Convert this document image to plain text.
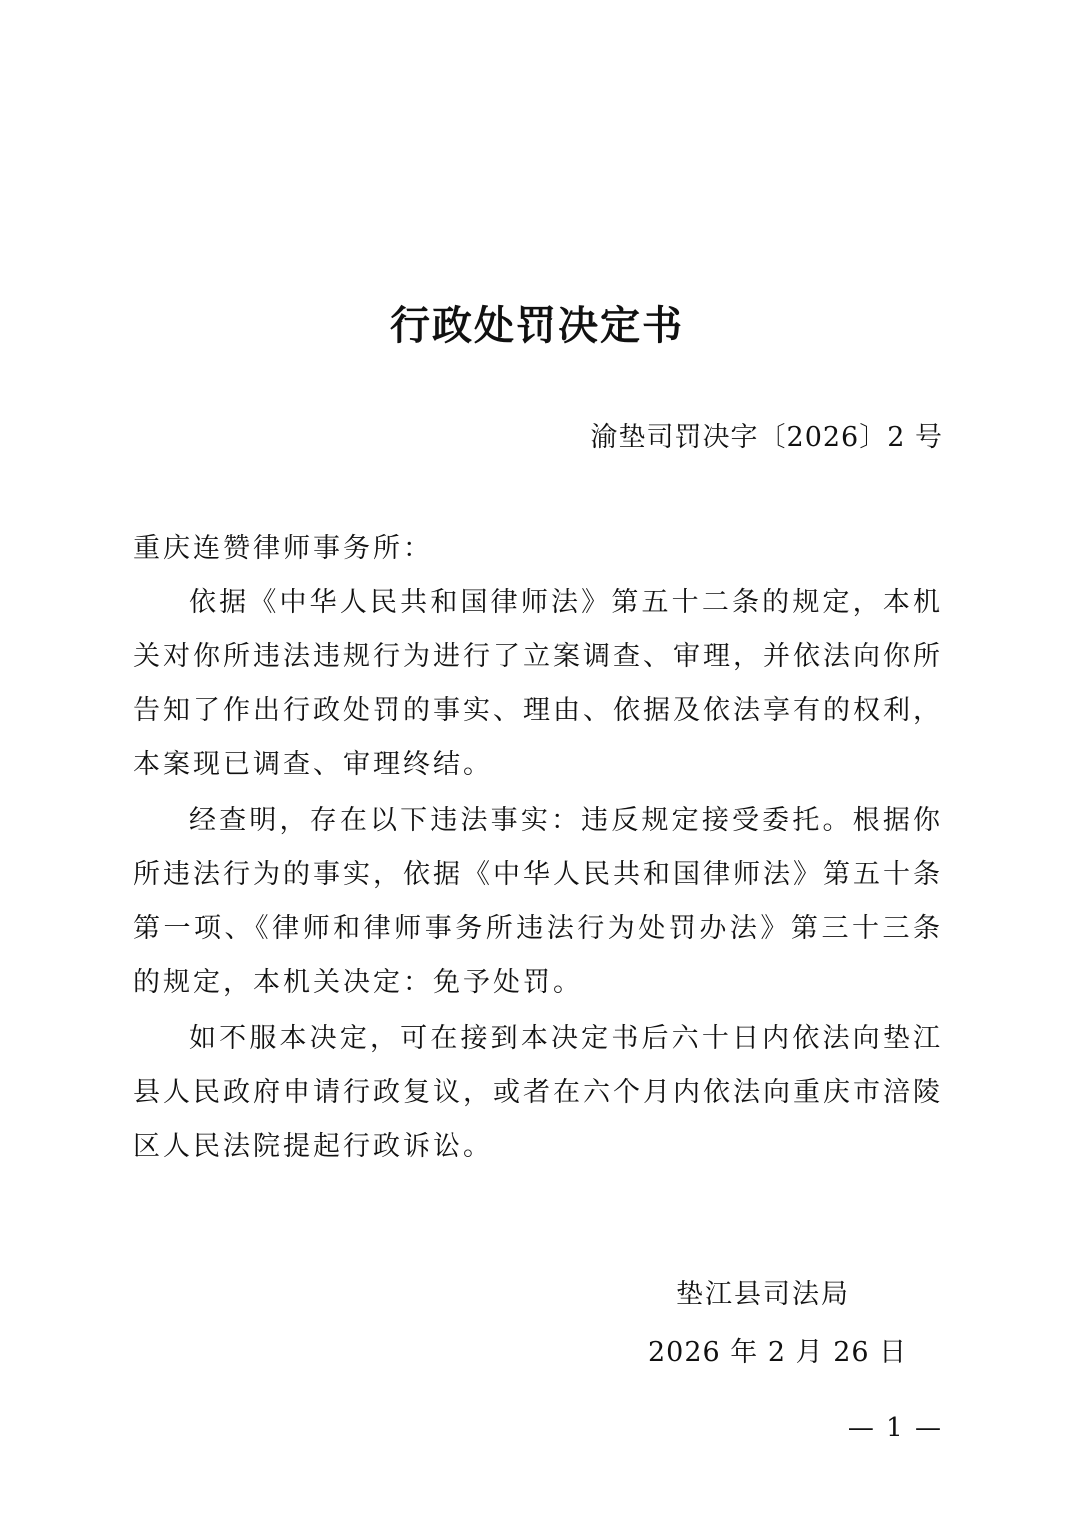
行政处罚决定书
渝垫司罚决字〔2026〕2 号

重庆连赞律师事务所：

依据《中华人民共和国律师法》第五十二条的规定，本机关对你所违法违规行为进行了立案调查、审理，并依法向你所告知了作出行政处罚的事实、理由、依据及依法享有的权利，本案现已调查、审理终结。

经查明，存在以下违法事实：违反规定接受委托。根据你所违法行为的事实，依据《中华人民共和国律师法》第五十条第一项、《律师和律师事务所违法行为处罚办法》第三十三条的规定，本机关决定：免予处罚。

如不服本决定，可在接到本决定书后六十日内依法向垫江县人民政府申请行政复议，或者在六个月内依法向重庆市涪陵区人民法院提起行政诉讼。

垫江县司法局
2026 年 2 月 26 日
— 1 —
